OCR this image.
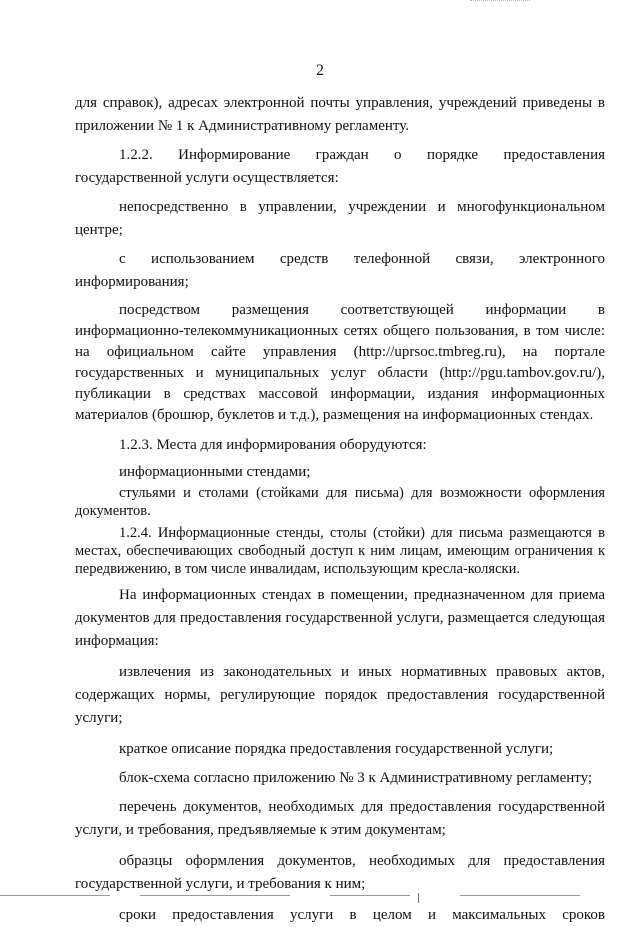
2

для справок), адресах электронной почты управления, учреждений приведены в приложении № 1 к Административному регламенту.

1.2.2. Информирование граждан о порядке предоставления государственной услуги осуществляется:

непосредственно в управлении, учреждении и многофункциональном центре;

с использованием средств телефонной связи, электронного информирования;

посредством размещения соответствующей информации в информационно-телекоммуникационных сетях общего пользования, в том числе: на официальном сайте управления (http://uprsoc.tmbreg.ru), на портале государственных и муниципальных услуг области (http://pgu.tambov.gov.ru/), публикации в средствах массовой информации, издания информационных материалов (брошюр, буклетов и т.д.), размещения на информационных стендах.

1.2.3. Места для информирования оборудуются:

информационными стендами;

стульями и столами (стойками для письма) для возможности оформления документов.

1.2.4. Информационные стенды, столы (стойки) для письма размещаются в местах, обеспечивающих свободный доступ к ним лицам, имеющим ограничения к передвижению, в том числе инвалидам, использующим кресла-коляски.

На информационных стендах в помещении, предназначенном для приема документов для предоставления государственной услуги, размещается следующая информация:

извлечения из законодательных и иных нормативных правовых актов, содержащих нормы, регулирующие порядок предоставления государственной услуги;

краткое описание порядка предоставления государственной услуги;

блок-схема согласно приложению № 3 к Административному регламенту;

перечень документов, необходимых для предоставления государственной услуги, и требования, предъявляемые к этим документам;

образцы оформления документов, необходимых для предоставления государственной услуги, и требования к ним;

сроки предоставления услуги в целом и максимальных сроков
